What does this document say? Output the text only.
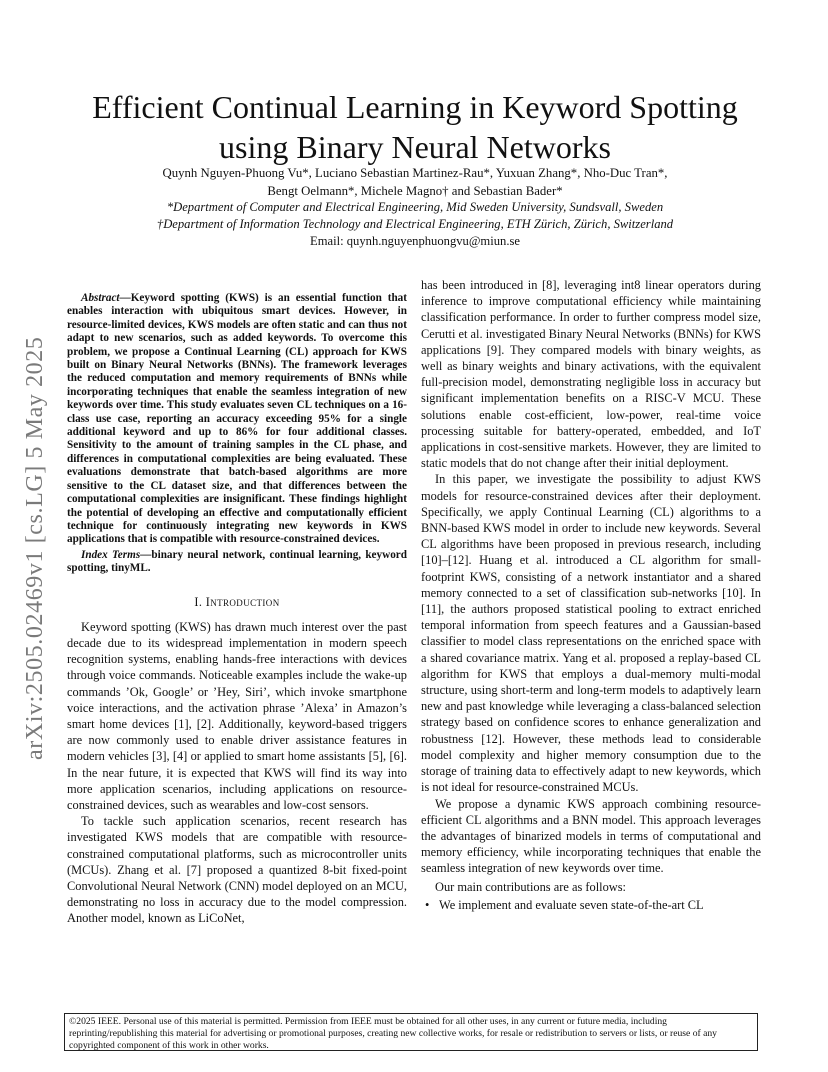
arXiv:2505.02469v1 [cs.LG] 5 May 2025
Efficient Continual Learning in Keyword Spotting using Binary Neural Networks
Quynh Nguyen-Phuong Vu*, Luciano Sebastian Martinez-Rau*, Yuxuan Zhang*, Nho-Duc Tran*,
Bengt Oelmann*, Michele Magno† and Sebastian Bader*
*Department of Computer and Electrical Engineering, Mid Sweden University, Sundsvall, Sweden
†Department of Information Technology and Electrical Engineering, ETH Zürich, Zürich, Switzerland
Email: quynh.nguyenphuongvu@miun.se

Abstract—Keyword spotting (KWS) is an essential function that enables interaction with ubiquitous smart devices. However, in resource-limited devices, KWS models are often static and can thus not adapt to new scenarios, such as added keywords. To overcome this problem, we propose a Continual Learning (CL) approach for KWS built on Binary Neural Networks (BNNs). The framework leverages the reduced computation and memory requirements of BNNs while incorporating techniques that enable the seamless integration of new keywords over time. This study evaluates seven CL techniques on a 16-class use case, reporting an accuracy exceeding 95% for a single additional keyword and up to 86% for four additional classes. Sensitivity to the amount of training samples in the CL phase, and differences in computational complexities are being evaluated. These evaluations demonstrate that batch-based algorithms are more sensitive to the CL dataset size, and that differences between the computational complexities are insignificant. These findings highlight the potential of developing an effective and computationally efficient technique for continuously integrating new keywords in KWS applications that is compatible with resource-constrained devices.

Index Terms—binary neural network, continual learning, keyword spotting, tinyML.

I. Introduction

Keyword spotting (KWS) has drawn much interest over the past decade due to its widespread implementation in modern speech recognition systems, enabling hands-free interactions with devices through voice commands. Noticeable examples include the wake-up commands ’Ok, Google’ or ’Hey, Siri’, which invoke smartphone voice interactions, and the activation phrase ’Alexa’ in Amazon’s smart home devices [1], [2]. Additionally, keyword-based triggers are now commonly used to enable driver assistance features in modern vehicles [3], [4] or applied to smart home assistants [5], [6]. In the near future, it is expected that KWS will find its way into more application scenarios, including applications on resource-constrained devices, such as wearables and low-cost sensors.

To tackle such application scenarios, recent research has investigated KWS models that are compatible with resource-constrained computational platforms, such as microcontroller units (MCUs). Zhang et al. [7] proposed a quantized 8-bit fixed-point Convolutional Neural Network (CNN) model deployed on an MCU, demonstrating no loss in accuracy due to the model compression. Another model, known as LiCoNet,

has been introduced in [8], leveraging int8 linear operators during inference to improve computational efficiency while maintaining classification performance. In order to further compress model size, Cerutti et al. investigated Binary Neural Networks (BNNs) for KWS applications [9]. They compared models with binary weights, as well as binary weights and binary activations, with the equivalent full-precision model, demonstrating negligible loss in accuracy but significant implementation benefits on a RISC-V MCU. These solutions enable cost-efficient, low-power, real-time voice processing suitable for battery-operated, embedded, and IoT applications in cost-sensitive markets. However, they are limited to static models that do not change after their initial deployment.

In this paper, we investigate the possibility to adjust KWS models for resource-constrained devices after their deployment. Specifically, we apply Continual Learning (CL) algorithms to a BNN-based KWS model in order to include new keywords. Several CL algorithms have been proposed in previous research, including [10]–[12]. Huang et al. introduced a CL algorithm for small-footprint KWS, consisting of a network instantiator and a shared memory connected to a set of classification sub-networks [10]. In [11], the authors proposed statistical pooling to extract enriched temporal information from speech features and a Gaussian-based classifier to model class representations on the enriched space with a shared covariance matrix. Yang et al. proposed a replay-based CL algorithm for KWS that employs a dual-memory multi-modal structure, using short-term and long-term models to adaptively learn new and past knowledge while leveraging a class-balanced selection strategy based on confidence scores to enhance generalization and robustness [12]. However, these methods lead to considerable model complexity and higher memory consumption due to the storage of training data to effectively adapt to new keywords, which is not ideal for resource-constrained MCUs.

We propose a dynamic KWS approach combining resource-efficient CL algorithms and a BNN model. This approach leverages the advantages of binarized models in terms of computational and memory efficiency, while incorporating techniques that enable the seamless integration of new keywords over time.

Our main contributions are as follows:

• We implement and evaluate seven state-of-the-art CL
©2025 IEEE. Personal use of this material is permitted. Permission from IEEE must be obtained for all other uses, in any current or future media, including reprinting/republishing this material for advertising or promotional purposes, creating new collective works, for resale or redistribution to servers or lists, or reuse of any copyrighted component of this work in other works.
